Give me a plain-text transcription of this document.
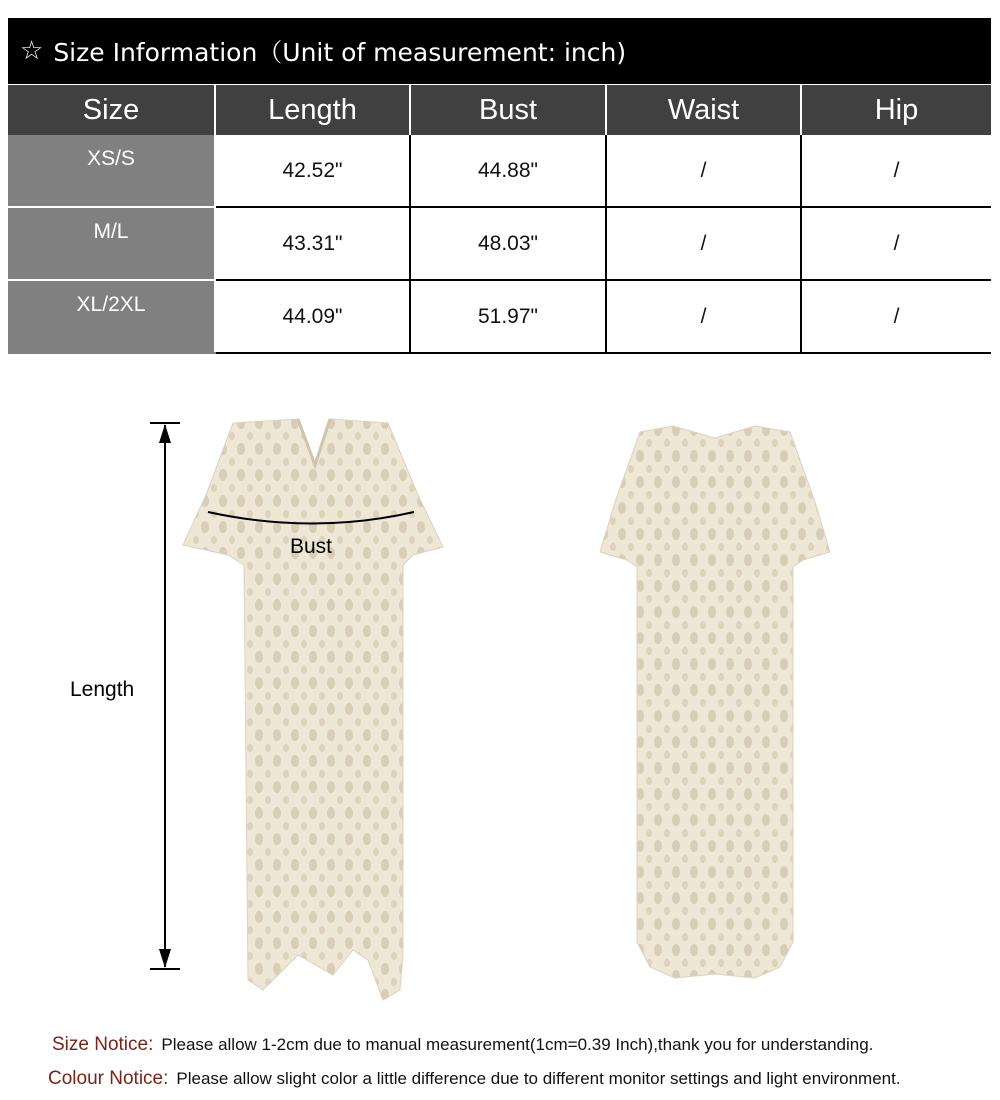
☆ Size Information（Unit of measurement: inch)
Size	Length	Bust	Waist	Hip
XS/S	42.52"	44.88"	/	/
M/L	43.31"	48.03"	/	/
XL/2XL	44.09"	51.97"	/	/
Length
Bust
Size Notice: Please allow 1-2cm due to manual measurement(1cm=0.39 Inch),thank you for understanding.
Colour Notice: Please allow slight color a little difference due to different monitor settings and light environment.
